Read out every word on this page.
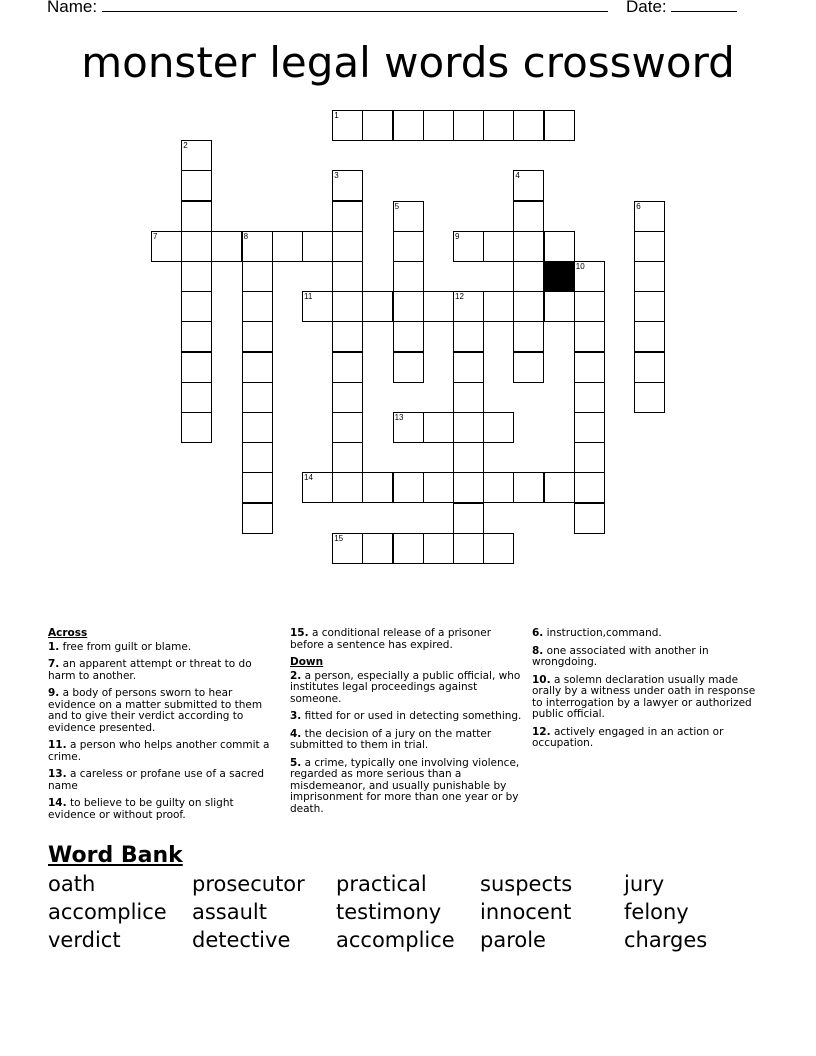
Name:	Date:
monster legal words crossword
1
7	8	9
11	12
13
14
15
2
3	4
5	6
10
Across
1. free from guilt or blame.
7. an apparent attempt or threat to do harm to another.
9. a body of persons sworn to hear evidence on a matter submitted to them and to give their verdict according to evidence presented.
11. a person who helps another commit a crime.
13. a careless or profane use of a sacred name
14. to believe to be guilty on slight evidence or without proof.
15. a conditional release of a prisoner before a sentence has expired.
Down
2. a person, especially a public official, who institutes legal proceedings against someone.
3. fitted for or used in detecting something.
4. the decision of a jury on the matter submitted to them in trial.
5. a crime, typically one involving violence, regarded as more serious than a misdemeanor, and usually punishable by imprisonment for more than one year or by death.
6. instruction,command.
8. one associated with another in wrongdoing.
10. a solemn declaration usually made orally by a witness under oath in response to interrogation by a lawyer or authorized public official.
12. actively engaged in an action or occupation.
Word Bank
oath	prosecutor	practical	suspects	jury
accomplice	assault	testimony	innocent	felony
verdict	detective	accomplice	parole	charges
